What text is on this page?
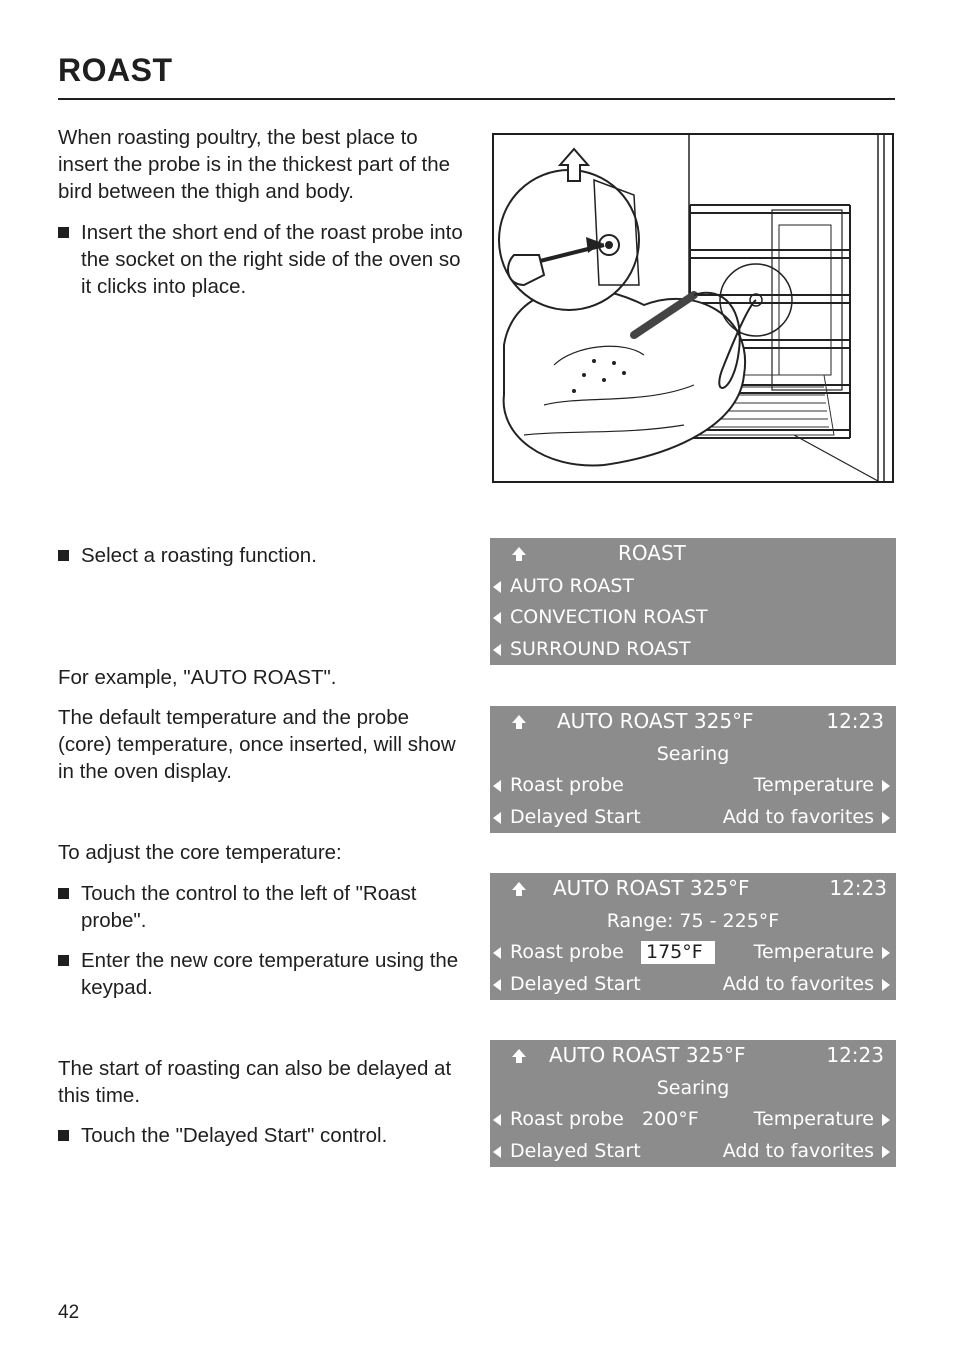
ROAST

When roasting poultry, the best place to insert the probe is in the thickest part of the bird between the thigh and body.

Insert the short end of the roast probe into the socket on the right side of the oven so it clicks into place.
Select a roasting function.	ROAST
AUTO ROAST
CONVECTION ROAST
SURROUND ROAST

For example, "AUTO ROAST".

The default temperature and the probe (core) temperature, once inserted, will show in the oven display.

AUTO ROAST 325°F	12:23
Searing
Roast probe	Temperature
Delayed Start	Add to favorites

To adjust the core temperature:

Touch the control to the left of "Roast probe".
Enter the new core temperature using the keypad.
AUTO ROAST 325°F	12:23
Range: 75 - 225°F
Roast probe 175°F	Temperature
Delayed Start	Add to favorites

The start of roasting can also be delayed at this time.

Touch the "Delayed Start" control.
AUTO ROAST 325°F	12:23
Searing
Roast probe 200°F	Temperature
Delayed Start	Add to favorites

42
